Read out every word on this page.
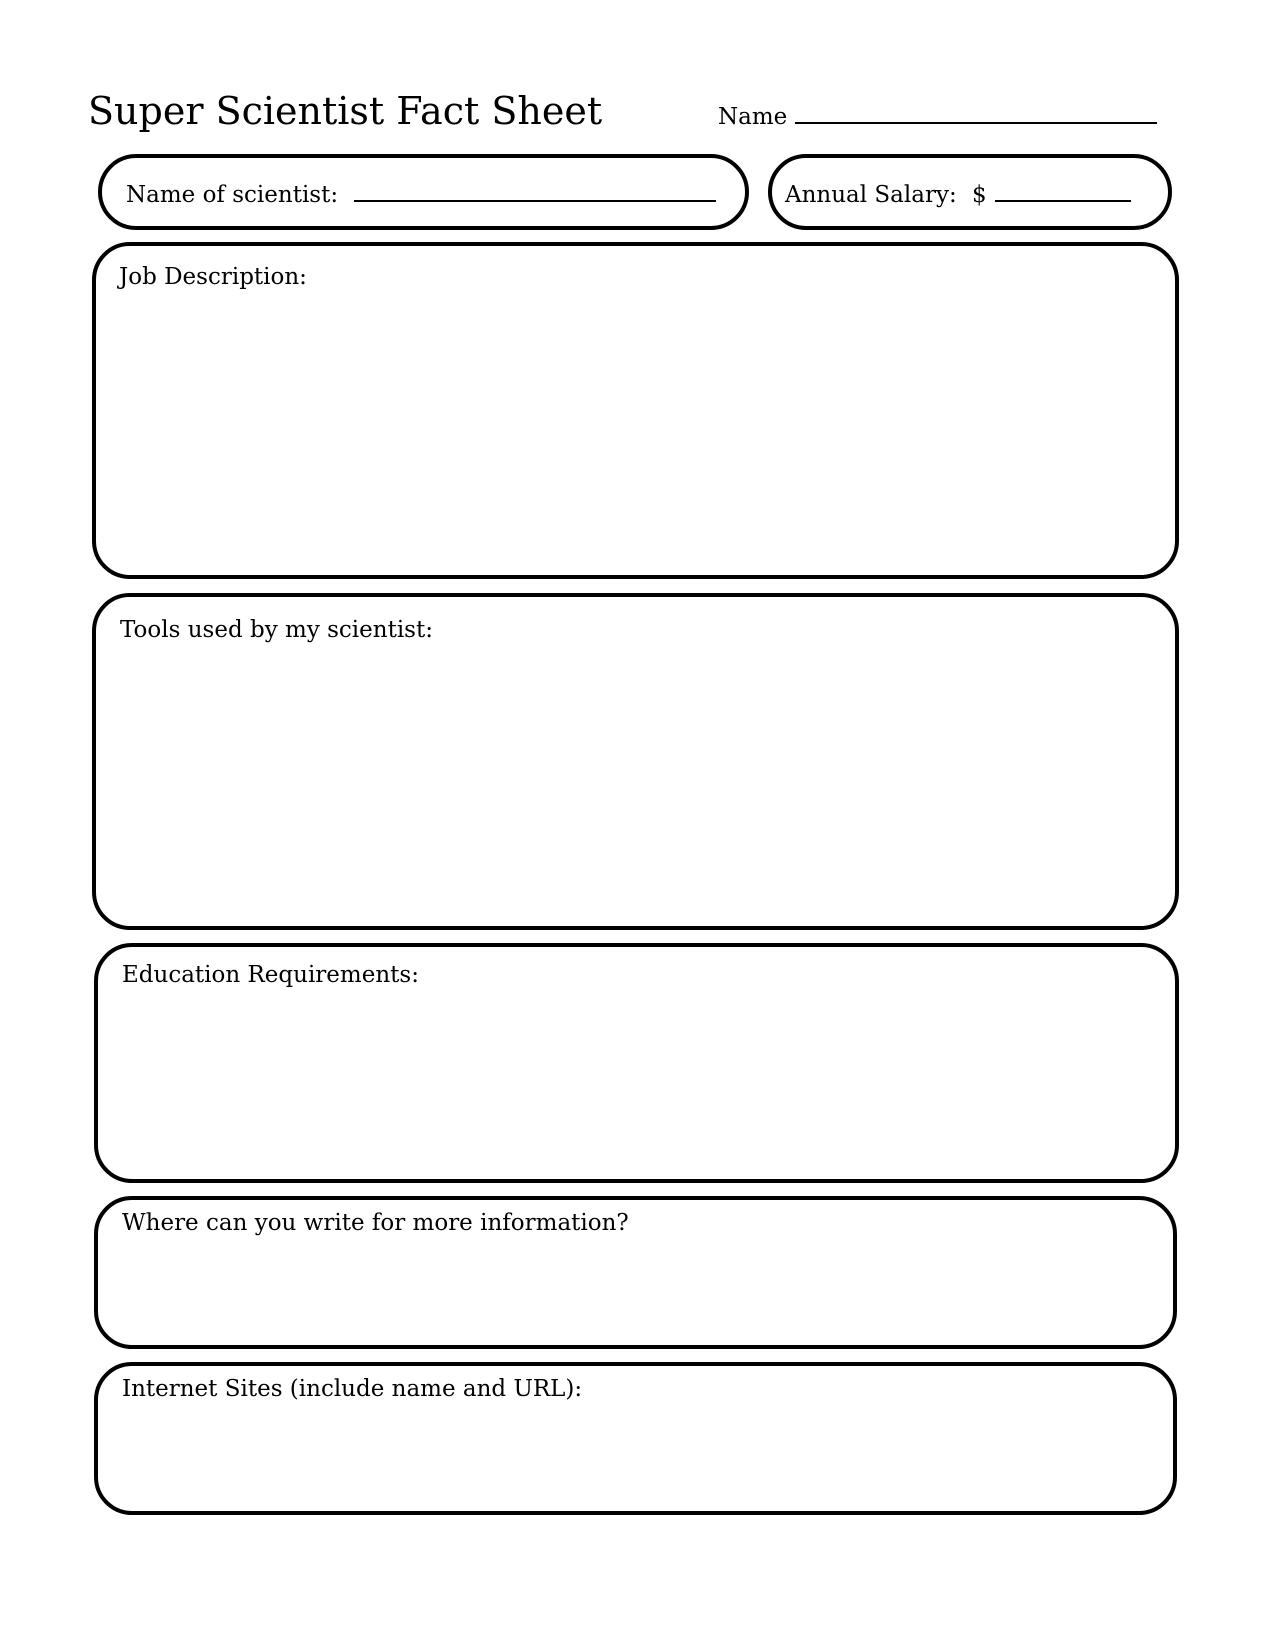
Super Scientist Fact Sheet	Name
Name of scientist:	Annual Salary: $
Job Description:
Tools used by my scientist:
Education Requirements:
Where can you write for more information?
Internet Sites (include name and URL):
